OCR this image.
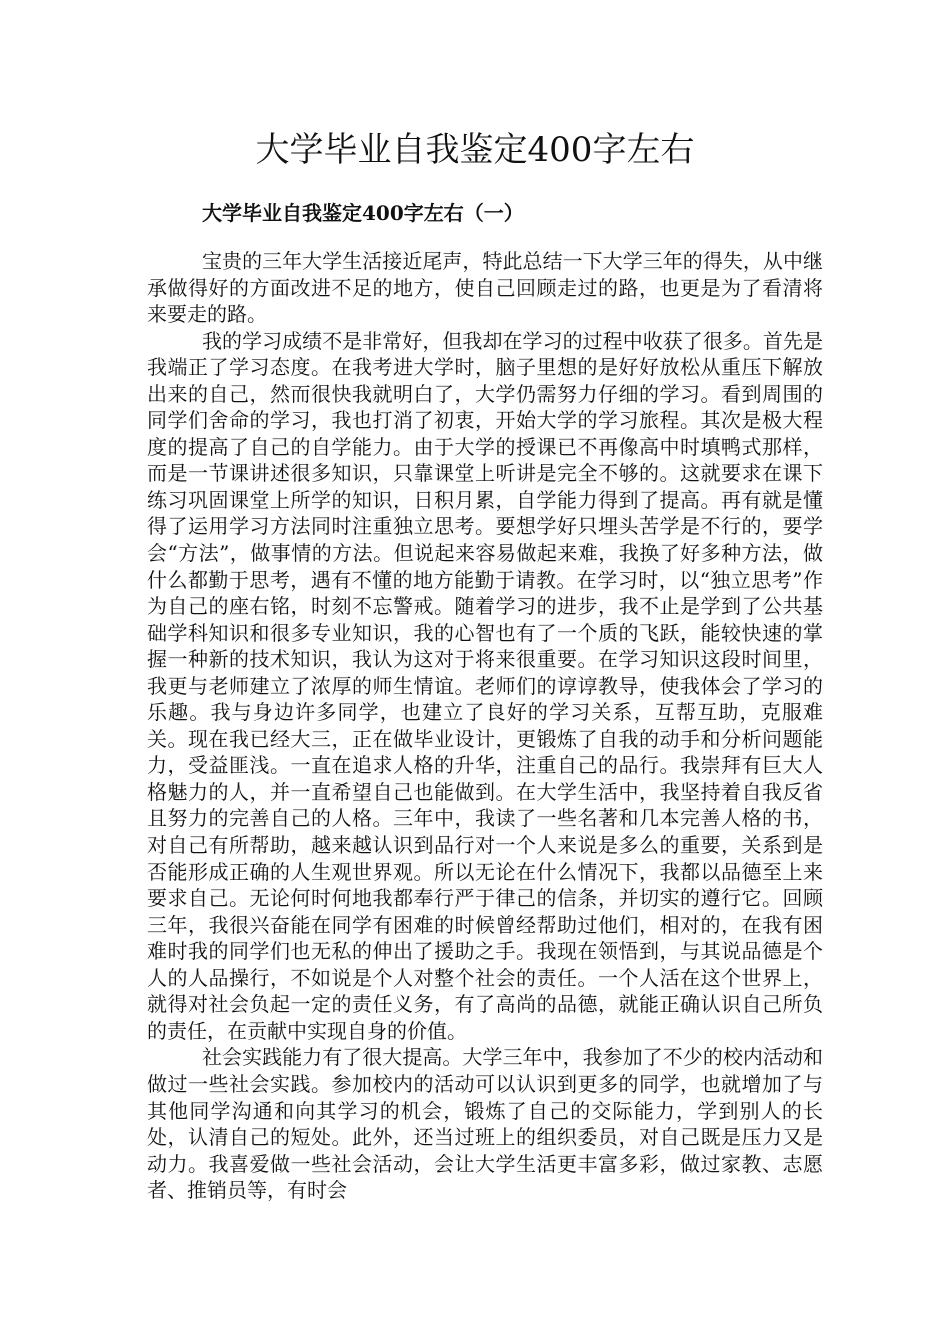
大学毕业自我鉴定400字左右
大学毕业自我鉴定400字左右（一）

宝贵的三年大学生活接近尾声，特此总结一下大学三年的得失，从中继承做得好的方面改进不足的地方，使自己回顾走过的路，也更是为了看清将来要走的路。

我的学习成绩不是非常好，但我却在学习的过程中收获了很多。首先是我端正了学习态度。在我考进大学时，脑子里想的是好好放松从重压下解放出来的自己，然而很快我就明白了，大学仍需努力仔细的学习。看到周围的同学们舍命的学习，我也打消了初衷，开始大学的学习旅程。其次是极大程度的提高了自己的自学能力。由于大学的授课已不再像高中时填鸭式那样，而是一节课讲述很多知识，只靠课堂上听讲是完全不够的。这就要求在课下练习巩固课堂上所学的知识，日积月累，自学能力得到了提高。再有就是懂得了运用学习方法同时注重独立思考。要想学好只埋头苦学是不行的，要学会“方法”，做事情的方法。但说起来容易做起来难，我换了好多种方法，做什么都勤于思考，遇有不懂的地方能勤于请教。在学习时，以“独立思考”作为自己的座右铭，时刻不忘警戒。随着学习的进步，我不止是学到了公共基础学科知识和很多专业知识，我的心智也有了一个质的飞跃，能较快速的掌握一种新的技术知识，我认为这对于将来很重要。在学习知识这段时间里，我更与老师建立了浓厚的师生情谊。老师们的谆谆教导，使我体会了学习的乐趣。我与身边许多同学，也建立了良好的学习关系，互帮互助，克服难关。现在我已经大三，正在做毕业设计，更锻炼了自我的动手和分析问题能力，受益匪浅。一直在追求人格的升华，注重自己的品行。我崇拜有巨大人格魅力的人，并一直希望自己也能做到。在大学生活中，我坚持着自我反省且努力的完善自己的人格。三年中，我读了一些名著和几本完善人格的书，对自己有所帮助，越来越认识到品行对一个人来说是多么的重要，关系到是否能形成正确的人生观世界观。所以无论在什么情况下，我都以品德至上来要求自己。无论何时何地我都奉行严于律己的信条，并切实的遵行它。回顾三年，我很兴奋能在同学有困难的时候曾经帮助过他们，相对的，在我有困难时我的同学们也无私的伸出了援助之手。我现在领悟到，与其说品德是个人的人品操行，不如说是个人对整个社会的责任。一个人活在这个世界上，就得对社会负起一定的责任义务，有了高尚的品德，就能正确认识自己所负的责任，在贡献中实现自身的价值。

社会实践能力有了很大提高。大学三年中，我参加了不少的校内活动和做过一些社会实践。参加校内的活动可以认识到更多的同学，也就增加了与其他同学沟通和向其学习的机会，锻炼了自己的交际能力，学到别人的长处，认清自己的短处。此外，还当过班上的组织委员，对自己既是压力又是动力。我喜爱做一些社会活动，会让大学生活更丰富多彩，做过家教、志愿者、推销员等，有时会
